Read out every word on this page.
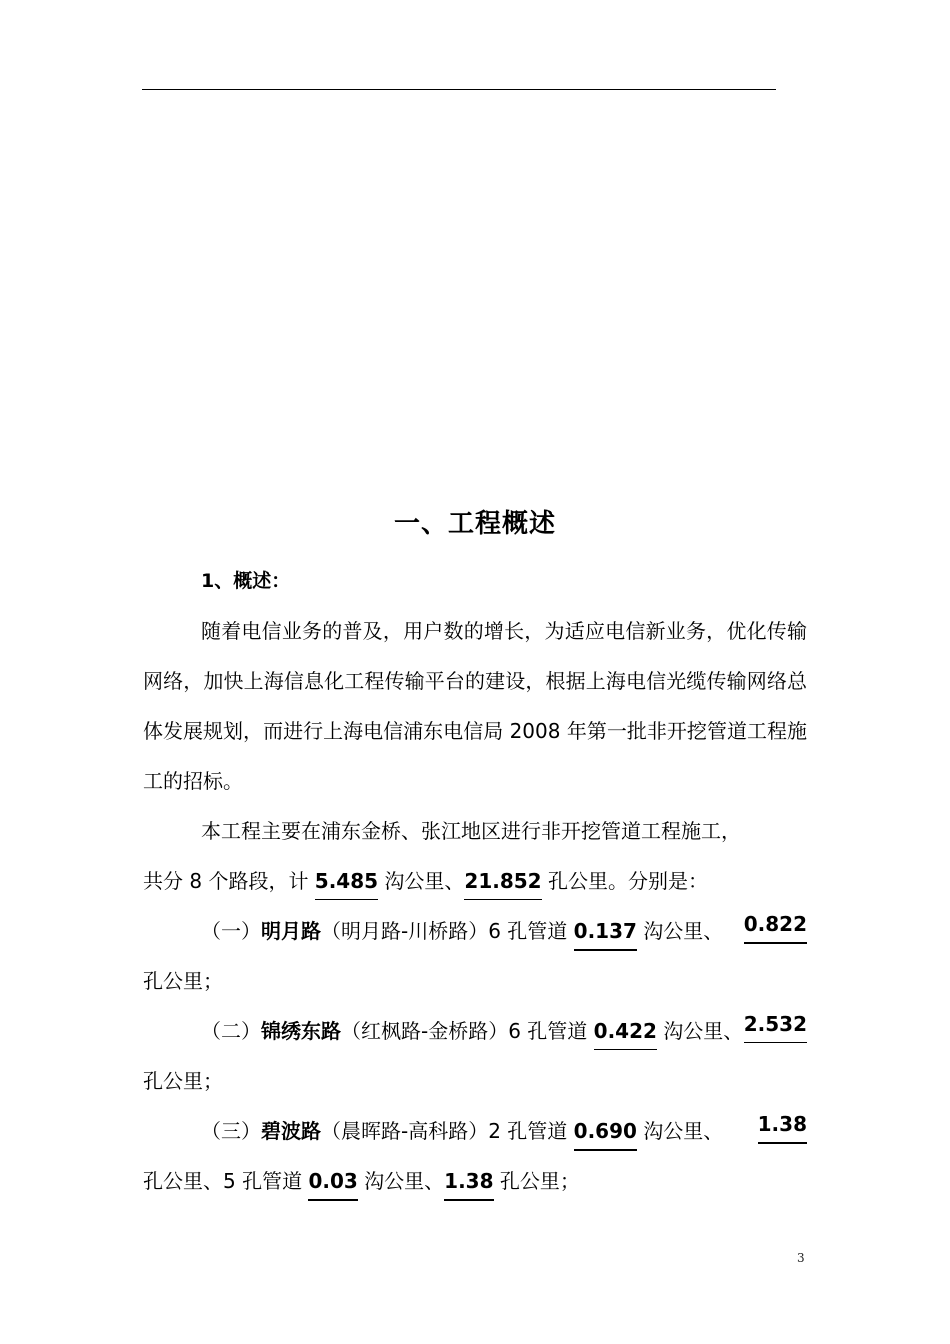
一、工程概述
1、概述：
随着电信业务的普及，用户数的增长，为适应电信新业务，优化传输网络，加快上海信息化工程传输平台的建设，根据上海电信光缆传输网络总体发展规划，而进行上海电信浦东电信局 2008 年第一批非开挖管道工程施工的招标。
本工程主要在浦东金桥、张江地区进行非开挖管道工程施工，
共分 8 个路段，计 5.485 沟公里、21.852 孔公里。分别是：
（一）明月路（明月路-川桥路）6 孔管道 0.137 沟公里、 0.822
孔公里；
（二）锦绣东路（红枫路-金桥路）6 孔管道 0.422 沟公里、 2.532
孔公里；
（三）碧波路（晨晖路-高科路）2 孔管道 0.690 沟公里、 1.38
孔公里、5 孔管道 0.03 沟公里、1.38 孔公里；
3
